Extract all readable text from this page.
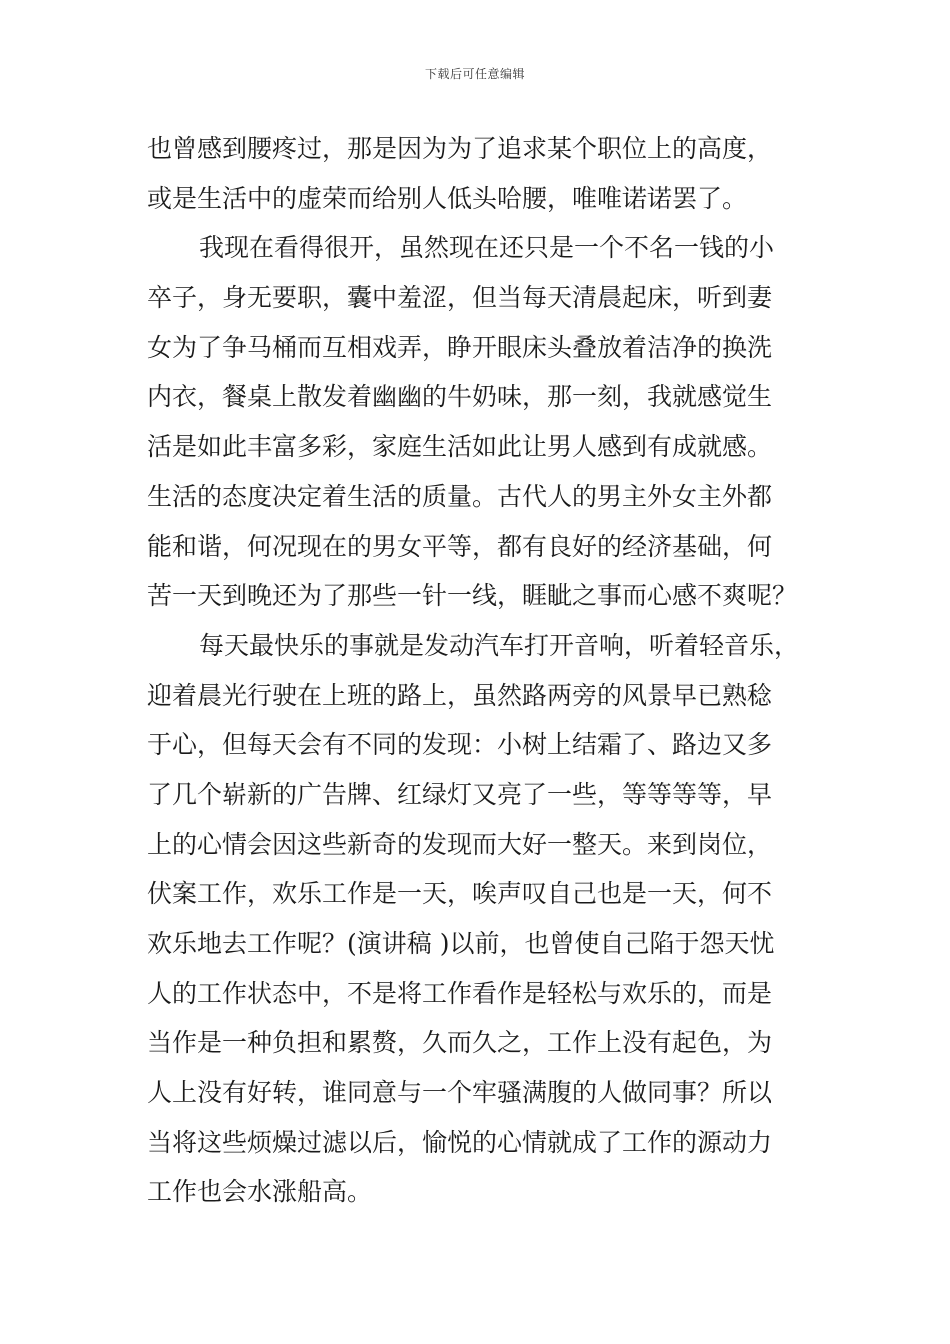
下载后可任意编辑
也曾感到腰疼过，那是因为为了追求某个职位上的高度，
或是生活中的虚荣而给别人低头哈腰，唯唯诺诺罢了。
我现在看得很开，虽然现在还只是一个不名一钱的小
卒子，身无要职，囊中羞涩，但当每天清晨起床，听到妻
女为了争马桶而互相戏弄，睁开眼床头叠放着洁净的换洗
内衣，餐桌上散发着幽幽的牛奶味，那一刻，我就感觉生
活是如此丰富多彩，家庭生活如此让男人感到有成就感。
生活的态度决定着生活的质量。古代人的男主外女主外都
能和谐，何况现在的男女平等，都有良好的经济基础，何
苦一天到晚还为了那些一针一线，睚眦之事而心感不爽呢？
每天最快乐的事就是发动汽车打开音响，听着轻音乐，
迎着晨光行驶在上班的路上，虽然路两旁的风景早已熟稔
于心，但每天会有不同的发现：小树上结霜了、路边又多
了几个崭新的广告牌、红绿灯又亮了一些，等等等等，早
上的心情会因这些新奇的发现而大好一整天。来到岗位，
伏案工作，欢乐工作是一天，唉声叹自己也是一天，何不
欢乐地去工作呢？(演讲稿 )以前，也曾使自己陷于怨天忧
人的工作状态中，不是将工作看作是轻松与欢乐的，而是
当作是一种负担和累赘，久而久之，工作上没有起色，为
人上没有好转，谁同意与一个牢骚满腹的人做同事？所以
当将这些烦燥过滤以后，愉悦的心情就成了工作的源动力
工作也会水涨船高。
